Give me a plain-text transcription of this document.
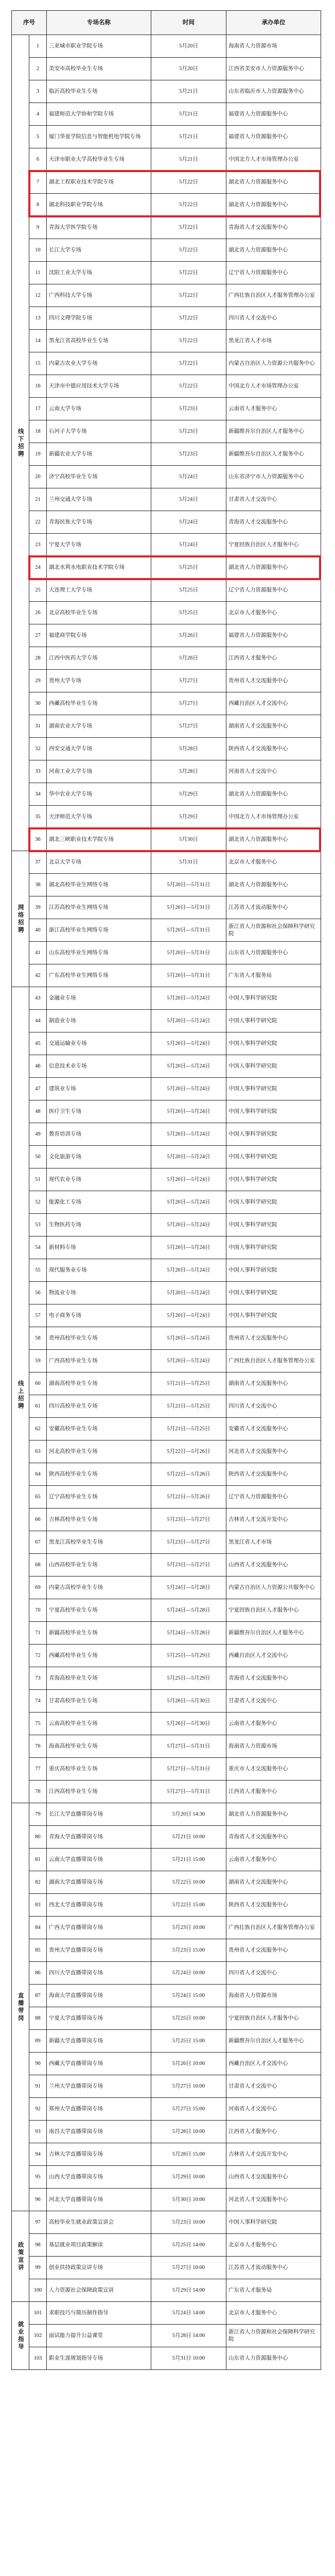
序号		专场名称	时间	承办单位
线下招聘	1	三亚城市职业学院专场	5月20日	海南省人力资源市场
	2	美安市高校毕业生专场	5月20日	江西省美安市人力资源服务中心
	3	临沂高校毕业生专场	5月21日	山东省临沂市人力资源服务中心
	4	福建师范大学协和学院专场	5月21日	福建省人力资源服务中心
	5	厦门华夏学院信息与智能机电学院专场	5月21日	福建省人力资源服务中心
	6	天津市职业大学高校毕业生专场	5月21日	中国北方人才市场管理办公室
	7	湖北工程职业技术学院专场	5月22日	湖北省人力资源服务中心
	8	湖北科技职业学院专场	5月22日	湖北省人力资源服务中心
	9	青海大学医学院专场	5月22日	青海省人才交流服务中心
	10	长江大学专场	5月22日	湖北省人力资源服务中心
	11	沈阳工业大学专场	5月22日	辽宁省人力资源服务中心
	12	广西科技大学专场	5月22日	广西壮族自治区人才服务管理办公室
	13	四川文理学院专场	5月22日	四川省人才交流中心
	14	黑龙江省高校毕业生专场	5月22日	黑龙江省人才市场
	15	内蒙古农业大学专场	5月22日	内蒙古自治区人力资源公共服务中心
	16	天津市中德应用技术大学专场	5月22日	中国北方人才市场管理办公室
	17	云南大学专场	5月23日	云南省人才服务中心
	18	石河子大学专场	5月23日	新疆维吾尔自治区人才服务中心
	19	新疆农业大学专场	5月23日	新疆维吾尔自治区人才服务中心
	20	济宁高校毕业生专场	5月24日	山东省济宁市人力资源服务中心
	21	兰州交通大学专场	5月24日	甘肃省人才交流中心
	22	青海民族大学专场	5月24日	青海省人才交流服务中心
	23	宁夏大学专场	5月24日	宁夏回族自治区人才服务中心
	24	湖北水利水电职业技术学院专场	5月25日	湖北省人力资源服务中心
	25	大连理工大学专场	5月25日	辽宁省人力资源服务中心
	26	北京高校毕业生专场	5月25日	北京市人才服务中心
	27	福建商学院专场	5月26日	福建省人力资源服务中心
	28	江西中医药大学专场	5月26日	江西省人才服务中心
	29	贵州大学专场	5月27日	贵州省人才交流服务中心
	30	西藏高校毕业生专场	5月27日	西藏自治区人才交流中心
	31	湖南农业大学专场	5月27日	湖南省人才交流服务中心
	32	西安交通大学专场	5月28日	陕西省人才交流服务中心
	33	河南工业大学专场	5月28日	河南省人才交流中心
	34	华中农业大学专场	5月29日	湖北省人力资源服务中心
	35	天津师范大学专场	5月29日	中国北方人才市场管理办公室
	36	湖北三峡职业技术学院专场	5月30日	湖北省人力资源服务中心
网络招聘	37	北京大学专场	5月31日	北京市人才服务中心
	38	湖北高校毕业生网络专场	5月20日—5月31日	湖北省人力资源服务中心
	39	江苏高校毕业生网络专场	5月20日—5月31日	江苏省人才流动服务中心
	40	浙江高校毕业生网络专场	5月20日—5月31日	浙江省人力资源和社会保障科学研究院
	41	山东高校毕业生网络专场	5月20日—5月31日	山东省人力资源服务中心
	42	广东高校毕业生网络专场	5月20日—5月31日	广东省人才服务局
线上招聘	43	金融业专场	5月20日—5月24日	中国人事科学研究院
	44	制造业专场	5月20日—5月24日	中国人事科学研究院
	45	交通运输业专场	5月20日—5月24日	中国人事科学研究院
	46	信息技术业专场	5月20日—5月24日	中国人事科学研究院
	47	建筑业专场	5月20日—5月24日	中国人事科学研究院
	48	医疗卫生专场	5月20日—5月24日	中国人事科学研究院
	49	教育培训专场	5月20日—5月24日	中国人事科学研究院
	50	文化旅游专场	5月20日—5月24日	中国人事科学研究院
	51	现代农业专场	5月20日—5月24日	中国人事科学研究院
	52	能源化工专场	5月20日—5月24日	中国人事科学研究院
	53	生物医药专场	5月20日—5月24日	中国人事科学研究院
	54	新材料专场	5月20日—5月24日	中国人事科学研究院
	55	现代服务业专场	5月20日—5月24日	中国人事科学研究院
	56	物流业专场	5月20日—5月24日	中国人事科学研究院
	57	电子商务专场	5月20日—5月24日	中国人事科学研究院
	58	贵州高校毕业生专场	5月20日—5月24日	贵州省人才交流服务中心
	59	广西高校毕业生专场	5月20日—5月24日	广西壮族自治区人才服务管理办公室
	60	湖南高校毕业生专场	5月21日—5月25日	湖南省人才交流服务中心
	61	四川高校毕业生专场	5月21日—5月25日	四川省人才交流中心
	62	安徽高校毕业生专场	5月21日—5月25日	安徽省人才交流服务中心
	63	河北高校毕业生专场	5月22日—5月26日	河北省人才交流服务中心
	64	陕西高校毕业生专场	5月22日—5月26日	陕西省人才交流服务中心
	65	辽宁高校毕业生专场	5月22日—5月26日	辽宁省人力资源服务中心
	66	吉林高校毕业生专场	5月23日—5月27日	吉林省人才交流开发中心
	67	黑龙江高校毕业生专场	5月23日—5月27日	黑龙江省人才市场
	68	山西高校毕业生专场	5月23日—5月27日	山西省人才交流服务中心
	69	内蒙古高校毕业生专场	5月24日—5月28日	内蒙古自治区人力资源公共服务中心
	70	宁夏高校毕业生专场	5月24日—5月28日	宁夏回族自治区人才服务中心
	71	新疆高校毕业生专场	5月24日—5月28日	新疆维吾尔自治区人才服务中心
	72	西藏高校毕业生专场	5月25日—5月29日	西藏自治区人才交流中心
	73	青海高校毕业生专场	5月25日—5月29日	青海省人才交流服务中心
	74	甘肃高校毕业生专场	5月26日—5月30日	甘肃省人才交流中心
	75	云南高校毕业生专场	5月26日—5月30日	云南省人才服务中心
	76	海南高校毕业生专场	5月27日—5月31日	海南省人力资源市场
	77	重庆高校毕业生专场	5月27日—5月31日	重庆市人才交流服务中心
	78	江西高校毕业生专场	5月27日—5月31日	江西省人才服务中心
直播带岗	79	长江大学直播带岗专场	5月20日 14:30	湖北省人力资源服务中心
	80	青海大学直播带岗专场	5月21日 10:00	青海省人才交流服务中心
	81	云南大学直播带岗专场	5月21日 15:00	云南省人才服务中心
	82	湖南大学直播带岗专场	5月22日 10:00	湖南省人才交流服务中心
	83	西北大学直播带岗专场	5月22日 15:00	陕西省人才交流服务中心
	84	广西大学直播带岗专场	5月23日 10:00	广西壮族自治区人才服务管理办公室
	85	贵州大学直播带岗专场	5月23日 15:00	贵州省人才交流服务中心
	86	四川大学直播带岗专场	5月24日 10:00	四川省人才交流中心
	87	海南大学直播带岗专场	5月24日 15:00	海南省人力资源市场
	88	宁夏大学直播带岗专场	5月25日 10:00	宁夏回族自治区人才服务中心
	89	新疆大学直播带岗专场	5月25日 15:00	新疆维吾尔自治区人才服务中心
	90	西藏大学直播带岗专场	5月26日 10:00	西藏自治区人才交流中心
	91	兰州大学直播带岗专场	5月27日 10:00	甘肃省人才交流中心
	92	郑州大学直播带岗专场	5月27日 15:00	河南省人才交流中心
	93	南昌大学直播带岗专场	5月28日 10:00	江西省人才服务中心
	94	吉林大学直播带岗专场	5月28日 15:00	吉林省人才交流开发中心
	95	山西大学直播带岗专场	5月29日 10:00	山西省人才交流服务中心
	96	河北大学直播带岗专场	5月30日 10:00	河北省人才交流服务中心
政策宣讲	97	高校毕业生就业政策宣讲会	5月23日 10:00	中国人事科学研究院
	98	基层就业项目政策解读	5月25日 14:00	北京市人才服务中心
	99	创业扶持政策宣讲专场	5月27日 10:00	江苏省人才流动服务中心
	100	人力资源社会保障政策宣讲	5月29日 14:00	广东省人才服务局
就业指导	101	求职技巧与简历制作指导	5月24日 14:00	北京市人才服务中心
	102	面试能力提升公益课堂	5月28日 14:00	浙江省人力资源和社会保障科学研究院
	103	职业生涯规划指导专场	5月31日 10:00	山东省人力资源服务中心
